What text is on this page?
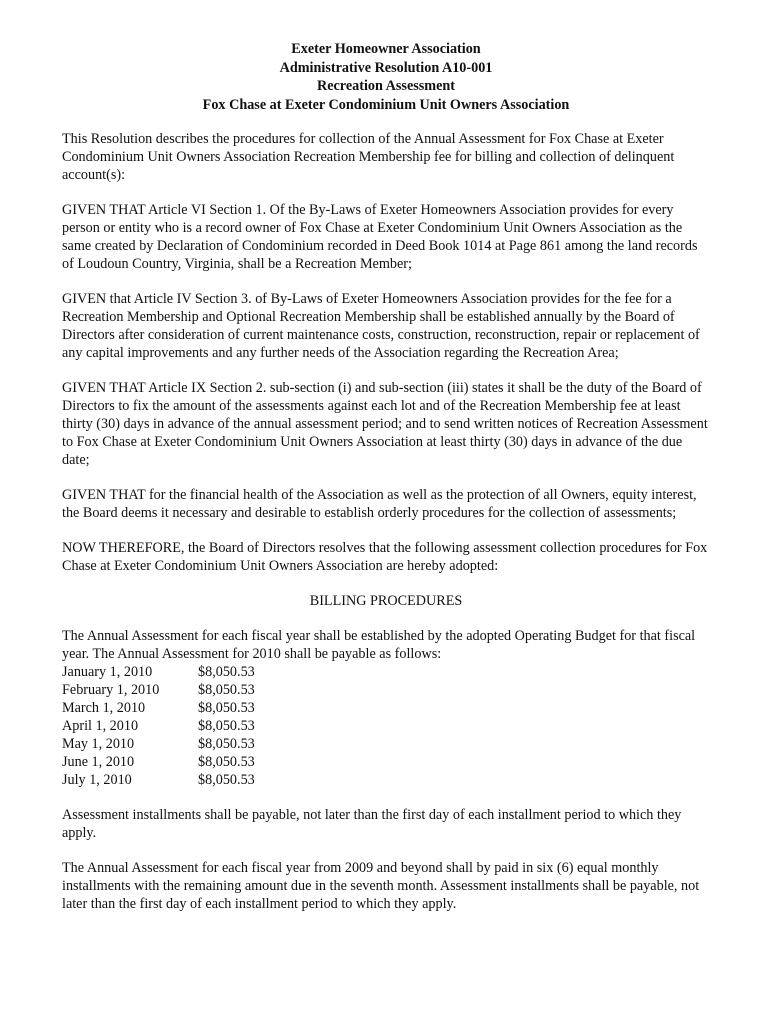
Exeter Homeowner Association
Administrative Resolution A10-001
Recreation Assessment
Fox Chase at Exeter Condominium Unit Owners Association

This Resolution describes the procedures for collection of the Annual Assessment for Fox Chase at Exeter Condominium Unit Owners Association Recreation Membership fee for billing and collection of delinquent account(s):

GIVEN THAT Article VI Section 1. Of the By-Laws of Exeter Homeowners Association provides for every person or entity who is a record owner of Fox Chase at Exeter Condominium Unit Owners Association as the same created by Declaration of Condominium recorded in Deed Book 1014 at Page 861 among the land records of Loudoun Country, Virginia, shall be a Recreation Member;

GIVEN that Article IV Section 3. of By-Laws of Exeter Homeowners Association provides for the fee for a Recreation Membership and Optional Recreation Membership shall be established annually by the Board of Directors after consideration of current maintenance costs, construction, reconstruction, repair or replacement of any capital improvements and any further needs of the Association regarding the Recreation Area;

GIVEN THAT Article IX Section 2. sub-section (i) and sub-section (iii) states it shall be the duty of the Board of Directors to fix the amount of the assessments against each lot and of the Recreation Membership fee at least thirty (30) days in advance of the annual assessment period; and to send written notices of Recreation Assessment to Fox Chase at Exeter Condominium Unit Owners Association at least thirty (30) days in advance of the due date;

GIVEN THAT for the financial health of the Association as well as the protection of all Owners, equity interest, the Board deems it necessary and desirable to establish orderly procedures for the collection of assessments;

NOW THEREFORE, the Board of Directors resolves that the following assessment collection procedures for Fox Chase at Exeter Condominium Unit Owners Association are hereby adopted:

BILLING PROCEDURES
The Annual Assessment for each fiscal year shall be established by the adopted Operating Budget for that fiscal year. The Annual Assessment for 2010 shall be payable as follows:
January 1, 2010	$8,050.53
February 1, 2010	$8,050.53
March 1, 2010	$8,050.53
April 1, 2010	$8,050.53
May 1, 2010	$8,050.53
June 1, 2010	$8,050.53
July 1, 2010	$8,050.53

Assessment installments shall be payable, not later than the first day of each installment period to which they apply.

The Annual Assessment for each fiscal year from 2009 and beyond shall by paid in six (6) equal monthly installments with the remaining amount due in the seventh month. Assessment installments shall be payable, not later than the first day of each installment period to which they apply.
